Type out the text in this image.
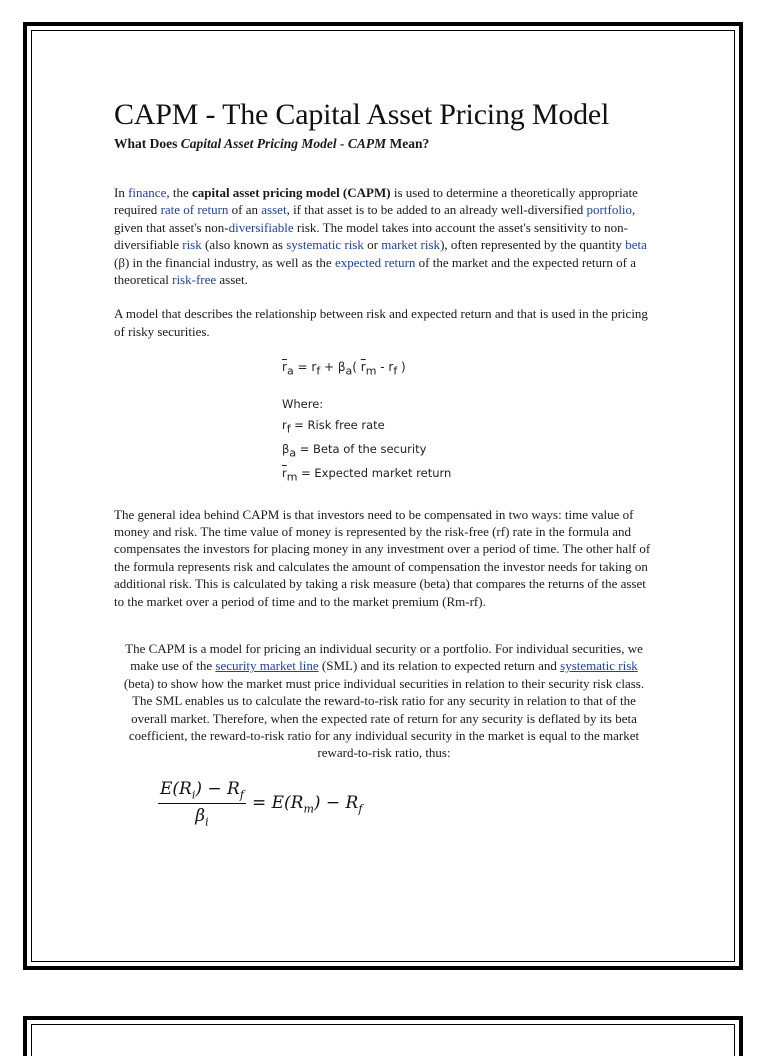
CAPM - The Capital Asset Pricing Model
What Does Capital Asset Pricing Model - CAPM Mean?

In finance, the capital asset pricing model (CAPM) is used to determine a theoretically appropriate required rate of return of an asset, if that asset is to be added to an already well-diversified portfolio, given that asset's non-diversifiable risk. The model takes into account the asset's sensitivity to non-diversifiable risk (also known as systematic risk or market risk), often represented by the quantity beta (β) in the financial industry, as well as the expected return of the market and the expected return of a theoretical risk-free asset.

A model that describes the relationship between risk and expected return and that is used in the pricing of risky securities.

$\overline{r}_a = r_f + \beta_a$( $\overline{r}_m - r_f$ )
Where:
$r_f$ = Risk free rate
$\beta_a$ = Beta of the security
$\overline{r}_m$ = Expected market return

The general idea behind CAPM is that investors need to be compensated in two ways: time value of money and risk. The time value of money is represented by the risk-free (rf) rate in the formula and compensates the investors for placing money in any investment over a period of time. The other half of the formula represents risk and calculates the amount of compensation the investor needs for taking on additional risk. This is calculated by taking a risk measure (beta) that compares the returns of the asset to the market over a period of time and to the market premium (Rm-rf).

The CAPM is a model for pricing an individual security or a portfolio. For individual securities, we make use of the security market line (SML) and its relation to expected return and systematic risk (beta) to show how the market must price individual securities in relation to their security risk class. The SML enables us to calculate the reward-to-risk ratio for any security in relation to that of the overall market. Therefore, when the expected rate of return for any security is deflated by its beta coefficient, the reward-to-risk ratio for any individual security in the market is equal to the market reward-to-risk ratio, thus:

$\frac{E(R_i) - R_f}{\beta_i} = E(R_m) - R_f$
